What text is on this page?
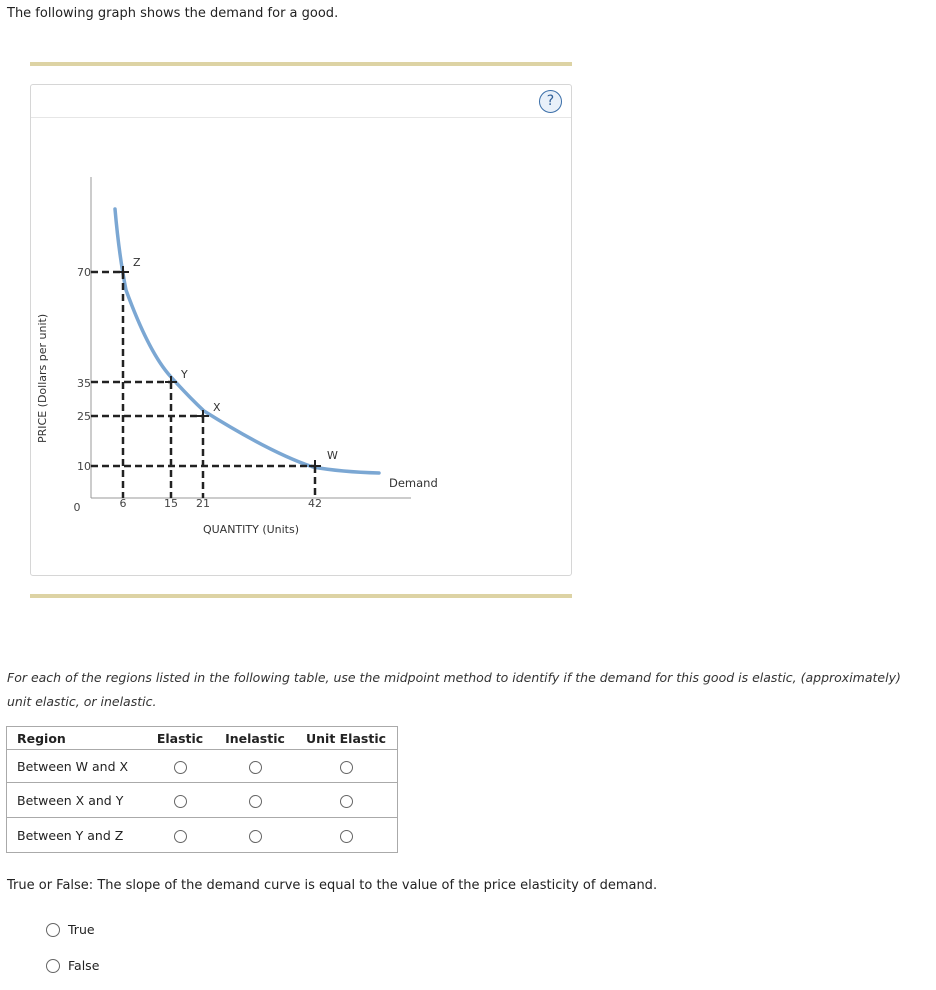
The following graph shows the demand for a good.
?
PRICE (Dollars per unit)
Z
Y
X
W
70
35
25
10
0	6	15 21	42
Demand
QUANTITY (Units)
For each of the regions listed in the following table, use the midpoint method to identify if the demand for this good is elastic, (approximately) unit elastic, or inelastic.
Region	Elastic	Inelastic	Unit Elastic
Between W and X			
Between X and Y			
Between Y and Z			
True or False: The slope of the demand curve is equal to the value of the price elasticity of demand.
True
False
